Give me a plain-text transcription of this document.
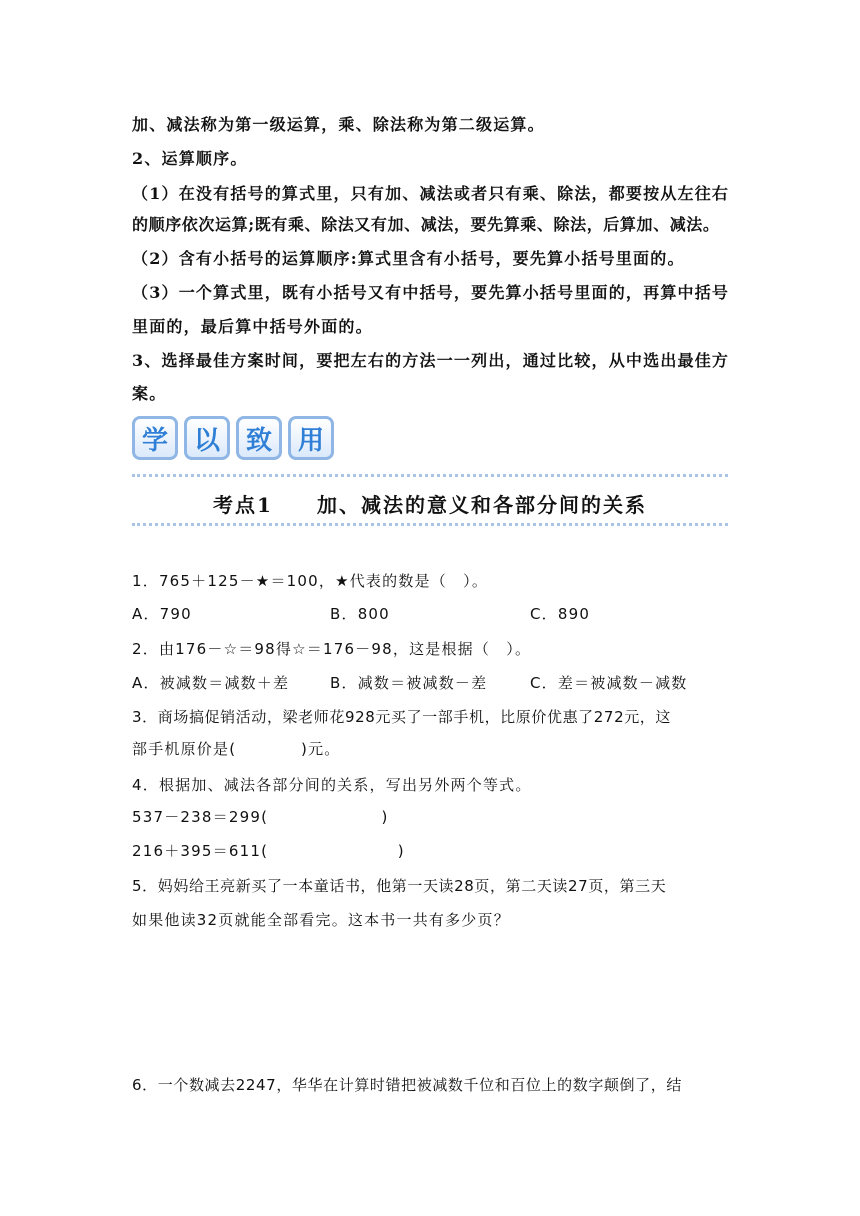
加、减法称为第一级运算，乘、除法称为第二级运算。
2、运算顺序。
（1）在没有括号的算式里，只有加、减法或者只有乘、除法，都要按从左往右
的顺序依次运算;既有乘、除法又有加、减法，要先算乘、除法，后算加、减法。
（2）含有小括号的运算顺序:算式里含有小括号，要先算小括号里面的。
（3）一个算式里，既有小括号又有中括号，要先算小括号里面的，再算中括号
里面的，最后算中括号外面的。
3、选择最佳方案时间，要把左右的方法一一列出，通过比较，从中选出最佳方
案。
学 以 致 用
考点1　　加、减法的意义和各部分间的关系
1．765＋125－★＝100，★代表的数是（　）。
A．790	B．800	C．890
2．由176－☆＝98得☆＝176－98，这是根据（　）。
A．被减数＝减数＋差	B．减数＝被减数－差	C．差＝被减数－减数
3．商场搞促销活动，梁老师花928元买了一部手机，比原价优惠了272元，这
部手机原价是(　　　　)元。
4．根据加、减法各部分间的关系，写出另外两个等式。
537－238＝299(　　　　　　　)
216＋395＝611(　　　　　　　　)
5．妈妈给王亮新买了一本童话书，他第一天读28页，第二天读27页，第三天
如果他读32页就能全部看完。这本书一共有多少页？
6．一个数减去2247，华华在计算时错把被减数千位和百位上的数字颠倒了，结
